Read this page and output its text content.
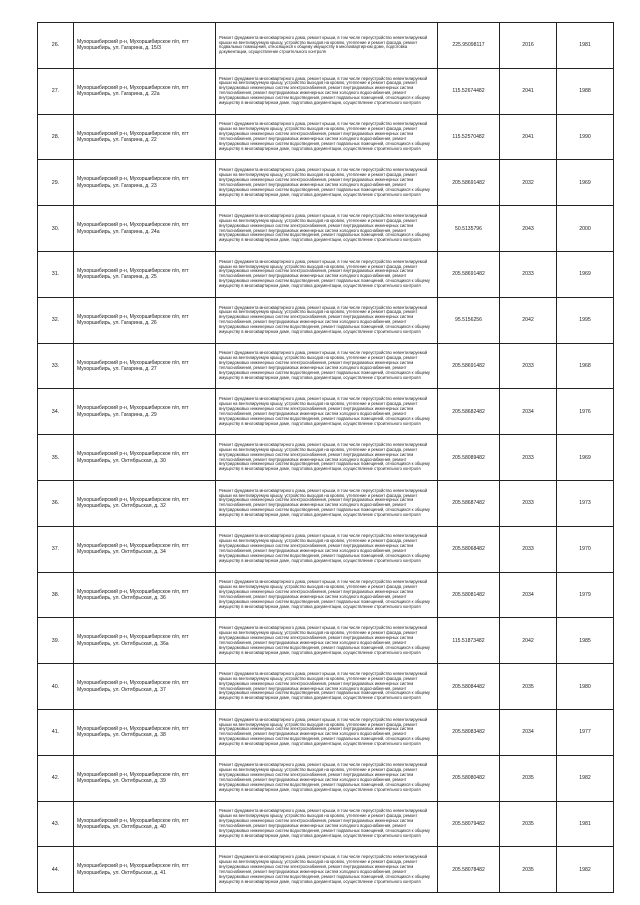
26.	Мухоршибирский р-н, Мухоршибирское п/п, пгт Мухоршибирь, ул. Гагарина, д. 15/3	Ремонт фундамента многоквартирного дома, ремонт крыши, в том числе переустройство невентилируемой крыши на вентилируемую крышу, устройство выходов на кровлю, утепление и ремонт фасада, ремонт подвальных помещений, относящихся к общему имуществу в многоквартирном доме, подготовка документации, осуществление строительного контроля	225.95098117	2016	1981
27.	Мухоршибирский р-н, Мухоршибирское п/п, пгт Мухоршибирь, ул. Гагарина, д. 22а	Ремонт фундамента многоквартирного дома, ремонт крыши, в том числе переустройство невентилируемой крыши на вентилируемую крышу, устройство выходов на кровлю, утепление и ремонт фасада, ремонт внутридомовых инженерных систем электроснабжения, ремонт внутридомовых инженерных систем теплоснабжения, ремонт внутридомовых инженерных систем холодного водоснабжения, ремонт внутридомовых инженерных систем водоотведения, ремонт подвальных помещений, относящихся к общему имуществу в многоквартирном доме, подготовка документации, осуществление строительного контроля	115.52674482	2041	1988
28.	Мухоршибирский р-н, Мухоршибирское п/п, пгт Мухоршибирь, ул. Гагарина, д. 22	Ремонт фундамента многоквартирного дома, ремонт крыши, в том числе переустройство невентилируемой крыши на вентилируемую крышу, устройство выходов на кровлю, утепление и ремонт фасада, ремонт внутридомовых инженерных систем электроснабжения, ремонт внутридомовых инженерных систем теплоснабжения, ремонт внутридомовых инженерных систем холодного водоснабжения, ремонт внутридомовых инженерных систем водоотведения, ремонт подвальных помещений, относящихся к общему имуществу в многоквартирном доме, подготовка документации, осуществление строительного контроля	115.52570482	2041	1990
29.	Мухоршибирский р-н, Мухоршибирское п/п, пгт Мухоршибирь, ул. Гагарина, д. 23	Ремонт фундамента многоквартирного дома, ремонт крыши, в том числе переустройство невентилируемой крыши на вентилируемую крышу, устройство выходов на кровлю, утепление и ремонт фасада, ремонт внутридомовых инженерных систем электроснабжения, ремонт внутридомовых инженерных систем теплоснабжения, ремонт внутридомовых инженерных систем холодного водоснабжения, ремонт внутридомовых инженерных систем водоотведения, ремонт подвальных помещений, относящихся к общему имуществу в многоквартирном доме, подготовка документации, осуществление строительного контроля	205.58691482	2032	1969
30.	Мухоршибирский р-н, Мухоршибирское п/п, пгт Мухоршибирь, ул. Гагарина, д. 24а	Ремонт фундамента многоквартирного дома, ремонт крыши, в том числе переустройство невентилируемой крыши на вентилируемую крышу, устройство выходов на кровлю, утепление и ремонт фасада, ремонт внутридомовых инженерных систем электроснабжения, ремонт внутридомовых инженерных систем теплоснабжения, ремонт внутридомовых инженерных систем холодного водоснабжения, ремонт внутридомовых инженерных систем водоотведения, ремонт подвальных помещений, относящихся к общему имуществу в многоквартирном доме, подготовка документации, осуществление строительного контроля	50.5135796	2043	2000
31.	Мухоршибирский р-н, Мухоршибирское п/п, пгт Мухоршибирь, ул. Гагарина, д. 25	Ремонт фундамента многоквартирного дома, ремонт крыши, в том числе переустройство невентилируемой крыши на вентилируемую крышу, устройство выходов на кровлю, утепление и ремонт фасада, ремонт внутридомовых инженерных систем электроснабжения, ремонт внутридомовых инженерных систем теплоснабжения, ремонт внутридомовых инженерных систем холодного водоснабжения, ремонт внутридомовых инженерных систем водоотведения, ремонт подвальных помещений, относящихся к общему имуществу в многоквартирном доме, подготовка документации, осуществление строительного контроля	205.58691482	2033	1969
32.	Мухоршибирский р-н, Мухоршибирское п/п, пгт Мухоршибирь, ул. Гагарина, д. 26	Ремонт фундамента многоквартирного дома, ремонт крыши, в том числе переустройство невентилируемой крыши на вентилируемую крышу, устройство выходов на кровлю, утепление и ремонт фасада, ремонт внутридомовых инженерных систем электроснабжения, ремонт внутридомовых инженерных систем теплоснабжения, ремонт внутридомовых инженерных систем холодного водоснабжения, ремонт внутридомовых инженерных систем водоотведения, ремонт подвальных помещений, относящихся к общему имуществу в многоквартирном доме, подготовка документации, осуществление строительного контроля	95.5156256	2042	1995
33.	Мухоршибирский р-н, Мухоршибирское п/п, пгт Мухоршибирь, ул. Гагарина, д. 27	Ремонт фундамента многоквартирного дома, ремонт крыши, в том числе переустройство невентилируемой крыши на вентилируемую крышу, устройство выходов на кровлю, утепление и ремонт фасада, ремонт внутридомовых инженерных систем электроснабжения, ремонт внутридомовых инженерных систем теплоснабжения, ремонт внутридомовых инженерных систем холодного водоснабжения, ремонт внутридомовых инженерных систем водоотведения, ремонт подвальных помещений, относящихся к общему имуществу в многоквартирном доме, подготовка документации, осуществление строительного контроля	205.58691482	2033	1968
34.	Мухоршибирский р-н, Мухоршибирское п/п, пгт Мухоршибирь, ул. Гагарина, д. 29	Ремонт фундамента многоквартирного дома, ремонт крыши, в том числе переустройство невентилируемой крыши на вентилируемую крышу, устройство выходов на кровлю, утепление и ремонт фасада, ремонт внутридомовых инженерных систем электроснабжения, ремонт внутридомовых инженерных систем теплоснабжения, ремонт внутридомовых инженерных систем холодного водоснабжения, ремонт внутридомовых инженерных систем водоотведения, ремонт подвальных помещений, относящихся к общему имуществу в многоквартирном доме, подготовка документации, осуществление строительного контроля	205.58682482	2034	1976
35.	Мухоршибирский р-н, Мухоршибирское п/п, пгт Мухоршибирь, ул. Октябрьская, д. 30	Ремонт фундамента многоквартирного дома, ремонт крыши, в том числе переустройство невентилируемой крыши на вентилируемую крышу, устройство выходов на кровлю, утепление и ремонт фасада, ремонт внутридомовых инженерных систем электроснабжения, ремонт внутридомовых инженерных систем теплоснабжения, ремонт внутридомовых инженерных систем холодного водоснабжения, ремонт внутридомовых инженерных систем водоотведения, ремонт подвальных помещений, относящихся к общему имуществу в многоквартирном доме, подготовка документации, осуществление строительного контроля	205.58089482	2033	1969
36.	Мухоршибирский р-н, Мухоршибирское п/п, пгт Мухоршибирь, ул. Октябрьская, д. 32	Ремонт фундамента многоквартирного дома, ремонт крыши, в том числе переустройство невентилируемой крыши на вентилируемую крышу, устройство выходов на кровлю, утепление и ремонт фасада, ремонт внутридомовых инженерных систем электроснабжения, ремонт внутридомовых инженерных систем теплоснабжения, ремонт внутридомовых инженерных систем холодного водоснабжения, ремонт внутридомовых инженерных систем водоотведения, ремонт подвальных помещений, относящихся к общему имуществу в многоквартирном доме, подготовка документации, осуществление строительного контроля	205.58687482	2033	1973
37.	Мухоршибирский р-н, Мухоршибирское п/п, пгт Мухоршибирь, ул. Октябрьская, д. 34	Ремонт фундамента многоквартирного дома, ремонт крыши, в том числе переустройство невентилируемой крыши на вентилируемую крышу, устройство выходов на кровлю, утепление и ремонт фасада, ремонт внутридомовых инженерных систем электроснабжения, ремонт внутридомовых инженерных систем теплоснабжения, ремонт внутридомовых инженерных систем холодного водоснабжения, ремонт внутридомовых инженерных систем водоотведения, ремонт подвальных помещений, относящихся к общему имуществу в многоквартирном доме, подготовка документации, осуществление строительного контроля	205.58068482	2033	1970
38.	Мухоршибирский р-н, Мухоршибирское п/п, пгт Мухоршибирь, ул. Октябрьская, д. 36	Ремонт фундамента многоквартирного дома, ремонт крыши, в том числе переустройство невентилируемой крыши на вентилируемую крышу, устройство выходов на кровлю, утепление и ремонт фасада, ремонт внутридомовых инженерных систем электроснабжения, ремонт внутридомовых инженерных систем теплоснабжения, ремонт внутридомовых инженерных систем холодного водоснабжения, ремонт внутридомовых инженерных систем водоотведения, ремонт подвальных помещений, относящихся к общему имуществу в многоквартирном доме, подготовка документации, осуществление строительного контроля	205.58081482	2034	1979
39.	Мухоршибирский р-н, Мухоршибирское п/п, пгт Мухоршибирь, ул. Октябрьская, д. 36а	Ремонт фундамента многоквартирного дома, ремонт крыши, в том числе переустройство невентилируемой крыши на вентилируемую крышу, устройство выходов на кровлю, утепление и ремонт фасада, ремонт внутридомовых инженерных систем электроснабжения, ремонт внутридомовых инженерных систем теплоснабжения, ремонт внутридомовых инженерных систем холодного водоснабжения, ремонт внутридомовых инженерных систем водоотведения, ремонт подвальных помещений, относящихся к общему имуществу в многоквартирном доме, подготовка документации, осуществление строительного контроля	115.51873482	2042	1985
40.	Мухоршибирский р-н, Мухоршибирское п/п, пгт Мухоршибирь, ул. Октябрьская, д. 37	Ремонт фундамента многоквартирного дома, ремонт крыши, в том числе переустройство невентилируемой крыши на вентилируемую крышу, устройство выходов на кровлю, утепление и ремонт фасада, ремонт внутридомовых инженерных систем электроснабжения, ремонт внутридомовых инженерных систем теплоснабжения, ремонт внутридомовых инженерных систем холодного водоснабжения, ремонт внутридомовых инженерных систем водоотведения, ремонт подвальных помещений, относящихся к общему имуществу в многоквартирном доме, подготовка документации, осуществление строительного контроля	205.58084482	2035	1980
41.	Мухоршибирский р-н, Мухоршибирское п/п, пгт Мухоршибирь, ул. Октябрьская, д. 38	Ремонт фундамента многоквартирного дома, ремонт крыши, в том числе переустройство невентилируемой крыши на вентилируемую крышу, устройство выходов на кровлю, утепление и ремонт фасада, ремонт внутридомовых инженерных систем электроснабжения, ремонт внутридомовых инженерных систем теплоснабжения, ремонт внутридомовых инженерных систем холодного водоснабжения, ремонт внутридомовых инженерных систем водоотведения, ремонт подвальных помещений, относящихся к общему имуществу в многоквартирном доме, подготовка документации, осуществление строительного контроля	205.58083482	2034	1977
42.	Мухоршибирский р-н, Мухоршибирское п/п, пгт Мухоршибирь, ул. Октябрьская, д. 39	Ремонт фундамента многоквартирного дома, ремонт крыши, в том числе переустройство невентилируемой крыши на вентилируемую крышу, устройство выходов на кровлю, утепление и ремонт фасада, ремонт внутридомовых инженерных систем электроснабжения, ремонт внутридомовых инженерных систем теплоснабжения, ремонт внутридомовых инженерных систем холодного водоснабжения, ремонт внутридомовых инженерных систем водоотведения, ремонт подвальных помещений, относящихся к общему имуществу в многоквартирном доме, подготовка документации, осуществление строительного контроля	205.58080482	2035	1982
43.	Мухоршибирский р-н, Мухоршибирское п/п, пгт Мухоршибирь, ул. Октябрьская, д. 40	Ремонт фундамента многоквартирного дома, ремонт крыши, в том числе переустройство невентилируемой крыши на вентилируемую крышу, устройство выходов на кровлю, утепление и ремонт фасада, ремонт внутридомовых инженерных систем электроснабжения, ремонт внутридомовых инженерных систем теплоснабжения, ремонт внутридомовых инженерных систем холодного водоснабжения, ремонт внутридомовых инженерных систем водоотведения, ремонт подвальных помещений, относящихся к общему имуществу в многоквартирном доме, подготовка документации, осуществление строительного контроля	205.58079482	2035	1981
44.	Мухоршибирский р-н, Мухоршибирское п/п, пгт Мухоршибирь, ул. Октябрьская, д. 41	Ремонт фундамента многоквартирного дома, ремонт крыши, в том числе переустройство невентилируемой крыши на вентилируемую крышу, устройство выходов на кровлю, утепление и ремонт фасада, ремонт внутридомовых инженерных систем электроснабжения, ремонт внутридомовых инженерных систем теплоснабжения, ремонт внутридомовых инженерных систем холодного водоснабжения, ремонт внутридомовых инженерных систем водоотведения, ремонт подвальных помещений, относящихся к общему имуществу в многоквартирном доме, подготовка документации, осуществление строительного контроля	205.58078482	2035	1982
